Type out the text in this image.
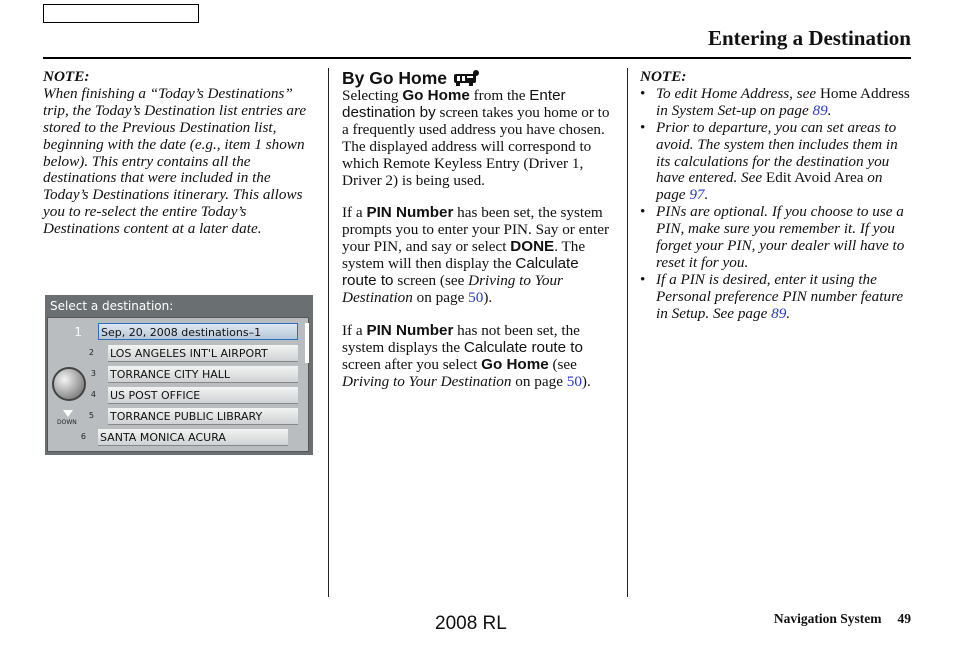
Entering a Destination
NOTE:
When finishing a “Today’s Destinations” trip, the Today’s Destination list entries are stored to the Previous Destination list, beginning with the date (e.g., item 1 shown below). This entry contains all the destinations that were included in the Today’s Destinations itinerary. This allows you to re-select the entire Today’s Destinations content at a later date.
Select a destination:
DOWN
1 Sep, 20, 2008 destinations–1
2 LOS ANGELES INT'L AIRPORT
3 TORRANCE CITY HALL
4 US POST OFFICE
5 TORRANCE PUBLIC LIBRARY
6 SANTA MONICA ACURA
By Go Home

Selecting Go Home from the Enter destination by screen takes you home or to a frequently used address you have chosen. The displayed address will correspond to which Remote Keyless Entry (Driver 1, Driver 2) is being used.

If a PIN Number has been set, the system prompts you to enter your PIN. Say or enter your PIN, and say or select DONE. The system will then display the Calculate route to screen (see Driving to Your Destination on page 50).

If a PIN Number has not been set, the system displays the Calculate route to screen after you select Go Home (see Driving to Your Destination on page 50).

NOTE:
• To edit Home Address, see Home Address in System Set-up on page 89.
• Prior to departure, you can set areas to avoid. The system then includes them in its calculations for the destination you have entered. See Edit Avoid Area on page 97.
• PINs are optional. If you choose to use a PIN, make sure you remember it. If you forget your PIN, your dealer will have to reset it for you.
• If a PIN is desired, enter it using the Personal preference PIN number feature in Setup. See page 89.
2008 RL	Navigation System 49
